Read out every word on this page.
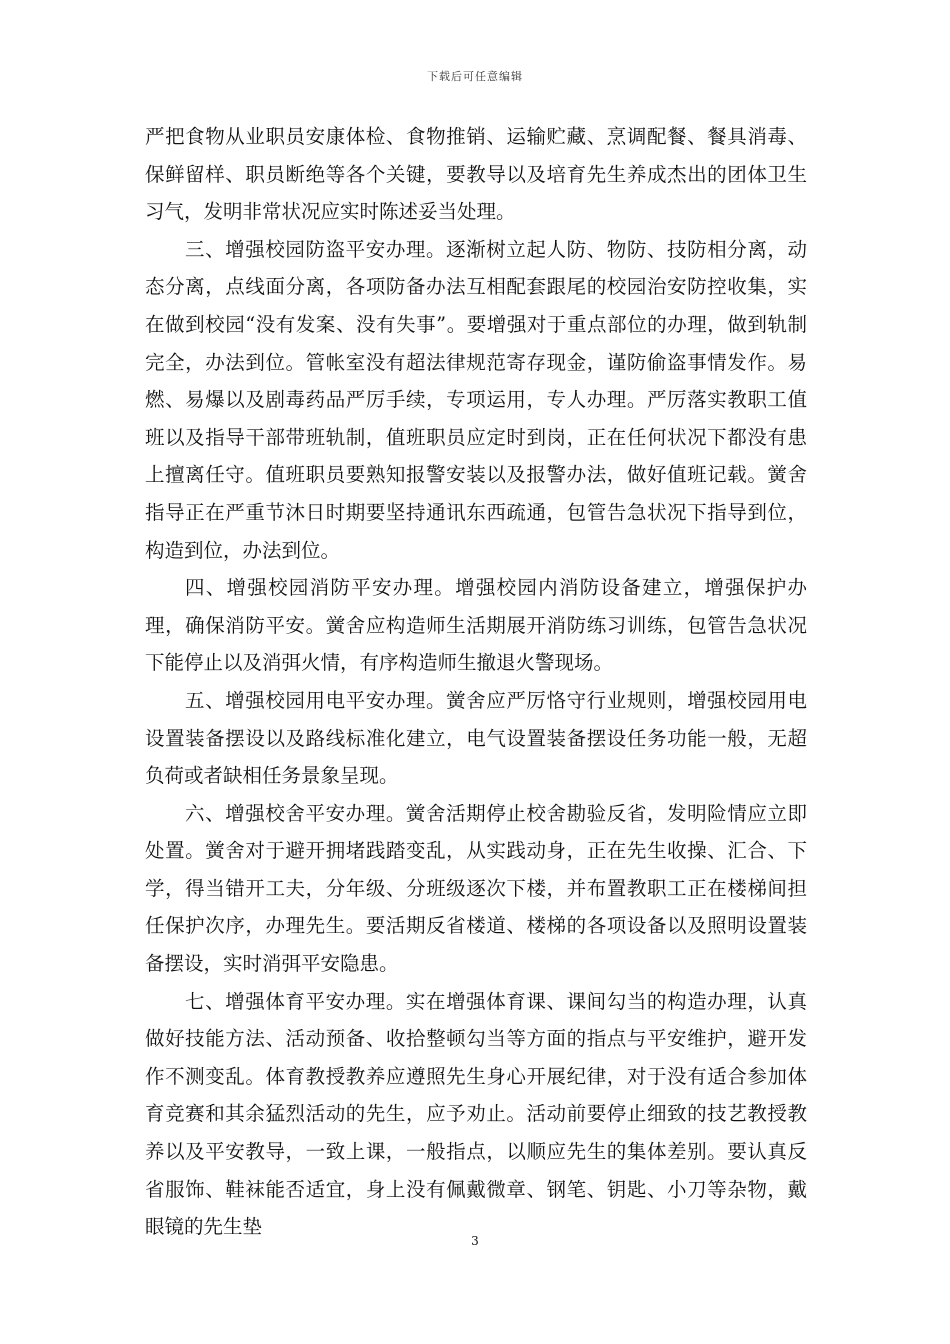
下载后可任意编辑

严把食物从业职员安康体检、食物推销、运输贮藏、烹调配餐、餐具消毒、保鲜留样、职员断绝等各个关键，要教导以及培育先生养成杰出的团体卫生习气，发明非常状况应实时陈述妥当处理。

三、增强校园防盗平安办理。逐渐树立起人防、物防、技防相分离，动态分离，点线面分离，各项防备办法互相配套跟尾的校园治安防控收集，实在做到校园“没有发案、没有失事”。要增强对于重点部位的办理，做到轨制完全，办法到位。管帐室没有超法律规范寄存现金，谨防偷盗事情发作。易燃、易爆以及剧毒药品严厉手续，专项运用，专人办理。严厉落实教职工值班以及指导干部带班轨制，值班职员应定时到岗，正在任何状况下都没有患上擅离任守。值班职员要熟知报警安装以及报警办法，做好值班记载。黉舍指导正在严重节沐日时期要坚持通讯东西疏通，包管告急状况下指导到位，构造到位，办法到位。

四、增强校园消防平安办理。增强校园内消防设备建立，增强保护办理，确保消防平安。黉舍应构造师生活期展开消防练习训练，包管告急状况下能停止以及消弭火情，有序构造师生撤退火警现场。

五、增强校园用电平安办理。黉舍应严厉恪守行业规则，增强校园用电设置装备摆设以及路线标准化建立，电气设置装备摆设任务功能一般，无超负荷或者缺相任务景象呈现。

六、增强校舍平安办理。黉舍活期停止校舍勘验反省，发明险情应立即处置。黉舍对于避开拥堵践踏变乱，从实践动身，正在先生收操、汇合、下学，得当错开工夫，分年级、分班级逐次下楼，并布置教职工正在楼梯间担任保护次序，办理先生。要活期反省楼道、楼梯的各项设备以及照明设置装备摆设，实时消弭平安隐患。

七、增强体育平安办理。实在增强体育课、课间勾当的构造办理，认真做好技能方法、活动预备、收拾整顿勾当等方面的指点与平安维护，避开发作不测变乱。体育教授教养应遵照先生身心开展纪律，对于没有适合参加体育竞赛和其余猛烈活动的先生，应予劝止。活动前要停止细致的技艺教授教养以及平安教导，一致上课，一般指点，以顺应先生的集体差别。要认真反省服饰、鞋袜能否适宜，身上没有佩戴微章、钢笔、钥匙、小刀等杂物，戴眼镜的先生垫

3
